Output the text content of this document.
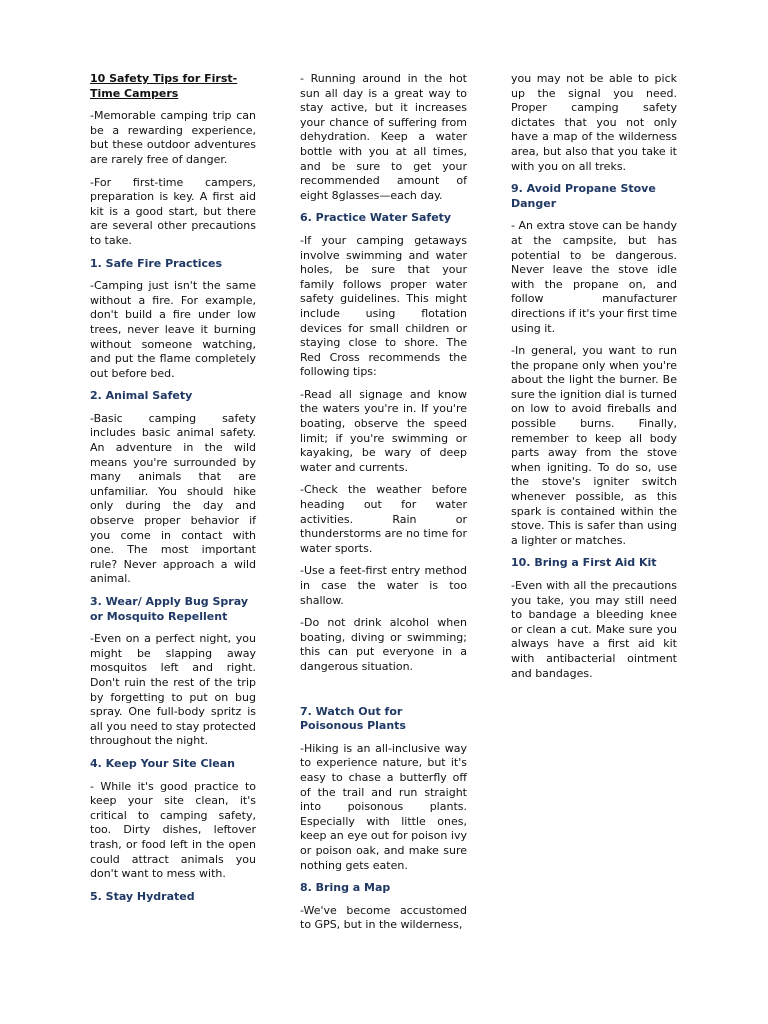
10 Safety Tips for First-Time Campers

-Memorable camping trip can be a rewarding experience, but these outdoor adventures are rarely free of danger.

-For first-time campers, preparation is key. A first aid kit is a good start, but there are several other precautions to take.

1. Safe Fire Practices

-Camping just isn't the same without a fire. For example, don't build a fire under low trees, never leave it burning without someone watching, and put the flame completely out before bed.

2. Animal Safety

-Basic camping safety includes basic animal safety. An adventure in the wild means you're surrounded by many animals that are unfamiliar. You should hike only during the day and observe proper behavior if you come in contact with one. The most important rule? Never approach a wild animal.

3. Wear/ Apply Bug Spray or Mosquito Repellent

-Even on a perfect night, you might be slapping away mosquitos left and right. Don't ruin the rest of the trip by forgetting to put on bug spray. One full-body spritz is all you need to stay protected throughout the night.

4. Keep Your Site Clean

- While it's good practice to keep your site clean, it's critical to camping safety, too. Dirty dishes, leftover trash, or food left in the open could attract animals you don't want to mess with.

5. Stay Hydrated

- Running around in the hot sun all day is a great way to stay active, but it increases your chance of suffering from dehydration. Keep a water bottle with you at all times, and be sure to get your recommended amount of eight 8glasses—each day.

6. Practice Water Safety

-If your camping getaways involve swimming and water holes, be sure that your family follows proper water safety guidelines. This might include using flotation devices for small children or staying close to shore. The Red Cross recommends the following tips:

-Read all signage and know the waters you're in. If you're boating, observe the speed limit; if you're swimming or kayaking, be wary of deep water and currents.

-Check the weather before heading out for water activities. Rain or thunderstorms are no time for water sports.

-Use a feet-first entry method in case the water is too shallow.

-Do not drink alcohol when boating, diving or swimming; this can put everyone in a dangerous situation.

7. Watch Out for Poisonous Plants

-Hiking is an all-inclusive way to experience nature, but it's easy to chase a butterfly off of the trail and run straight into poisonous plants. Especially with little ones, keep an eye out for poison ivy or poison oak, and make sure nothing gets eaten.

8. Bring a Map

-We've become accustomed to GPS, but in the wilderness,

you may not be able to pick up the signal you need. Proper camping safety dictates that you not only have a map of the wilderness area, but also that you take it with you on all treks.

9. Avoid Propane Stove Danger

- An extra stove can be handy at the campsite, but has potential to be dangerous. Never leave the stove idle with the propane on, and follow manufacturer directions if it's your first time using it.

-In general, you want to run the propane only when you're about the light the burner. Be sure the ignition dial is turned on low to avoid fireballs and possible burns. Finally, remember to keep all body parts away from the stove when igniting. To do so, use the stove's igniter switch whenever possible, as this spark is contained within the stove. This is safer than using a lighter or matches.

10. Bring a First Aid Kit

-Even with all the precautions you take, you may still need to bandage a bleeding knee or clean a cut. Make sure you always have a first aid kit with antibacterial ointment and bandages.
